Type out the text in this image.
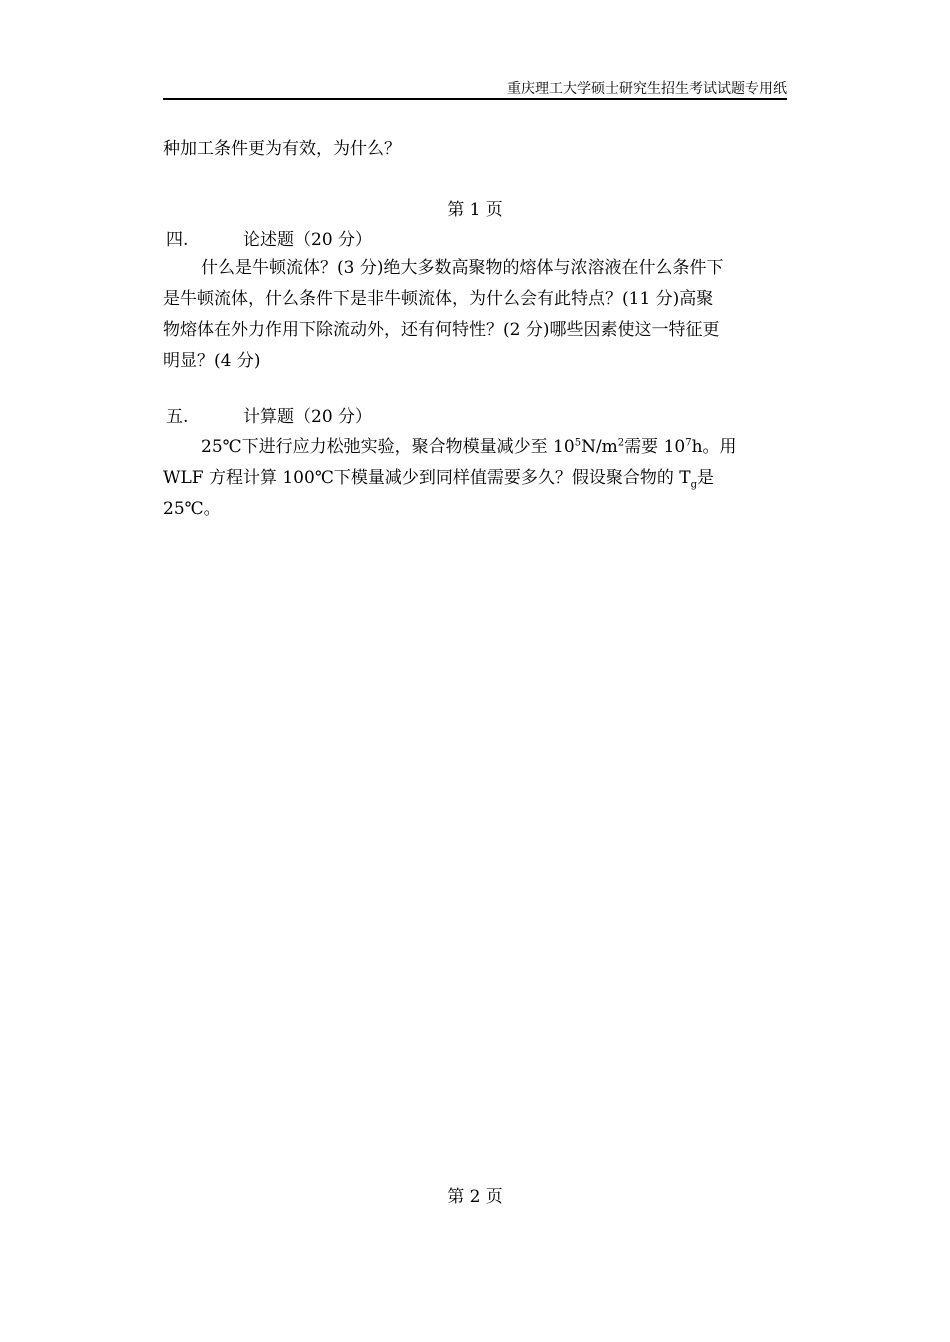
重庆理工大学硕士研究生招生考试试题专用纸
种加工条件更为有效，为什么？
第 1 页
四.	论述题（20 分）
什么是牛顿流体？(3 分)绝大多数高聚物的熔体与浓溶液在什么条件下
是牛顿流体，什么条件下是非牛顿流体，为什么会有此特点？(11 分)高聚
物熔体在外力作用下除流动外，还有何特性？(2 分)哪些因素使这一特征更
明显？(4 分)
五.	计算题（20 分）
25℃下进行应力松弛实验，聚合物模量减少至 $10^5N/m^2$需要 $10^7h$。用
WLF 方程计算 100℃下模量减少到同样值需要多久？假设聚合物的 $T_g$是
25℃。
第 2 页
